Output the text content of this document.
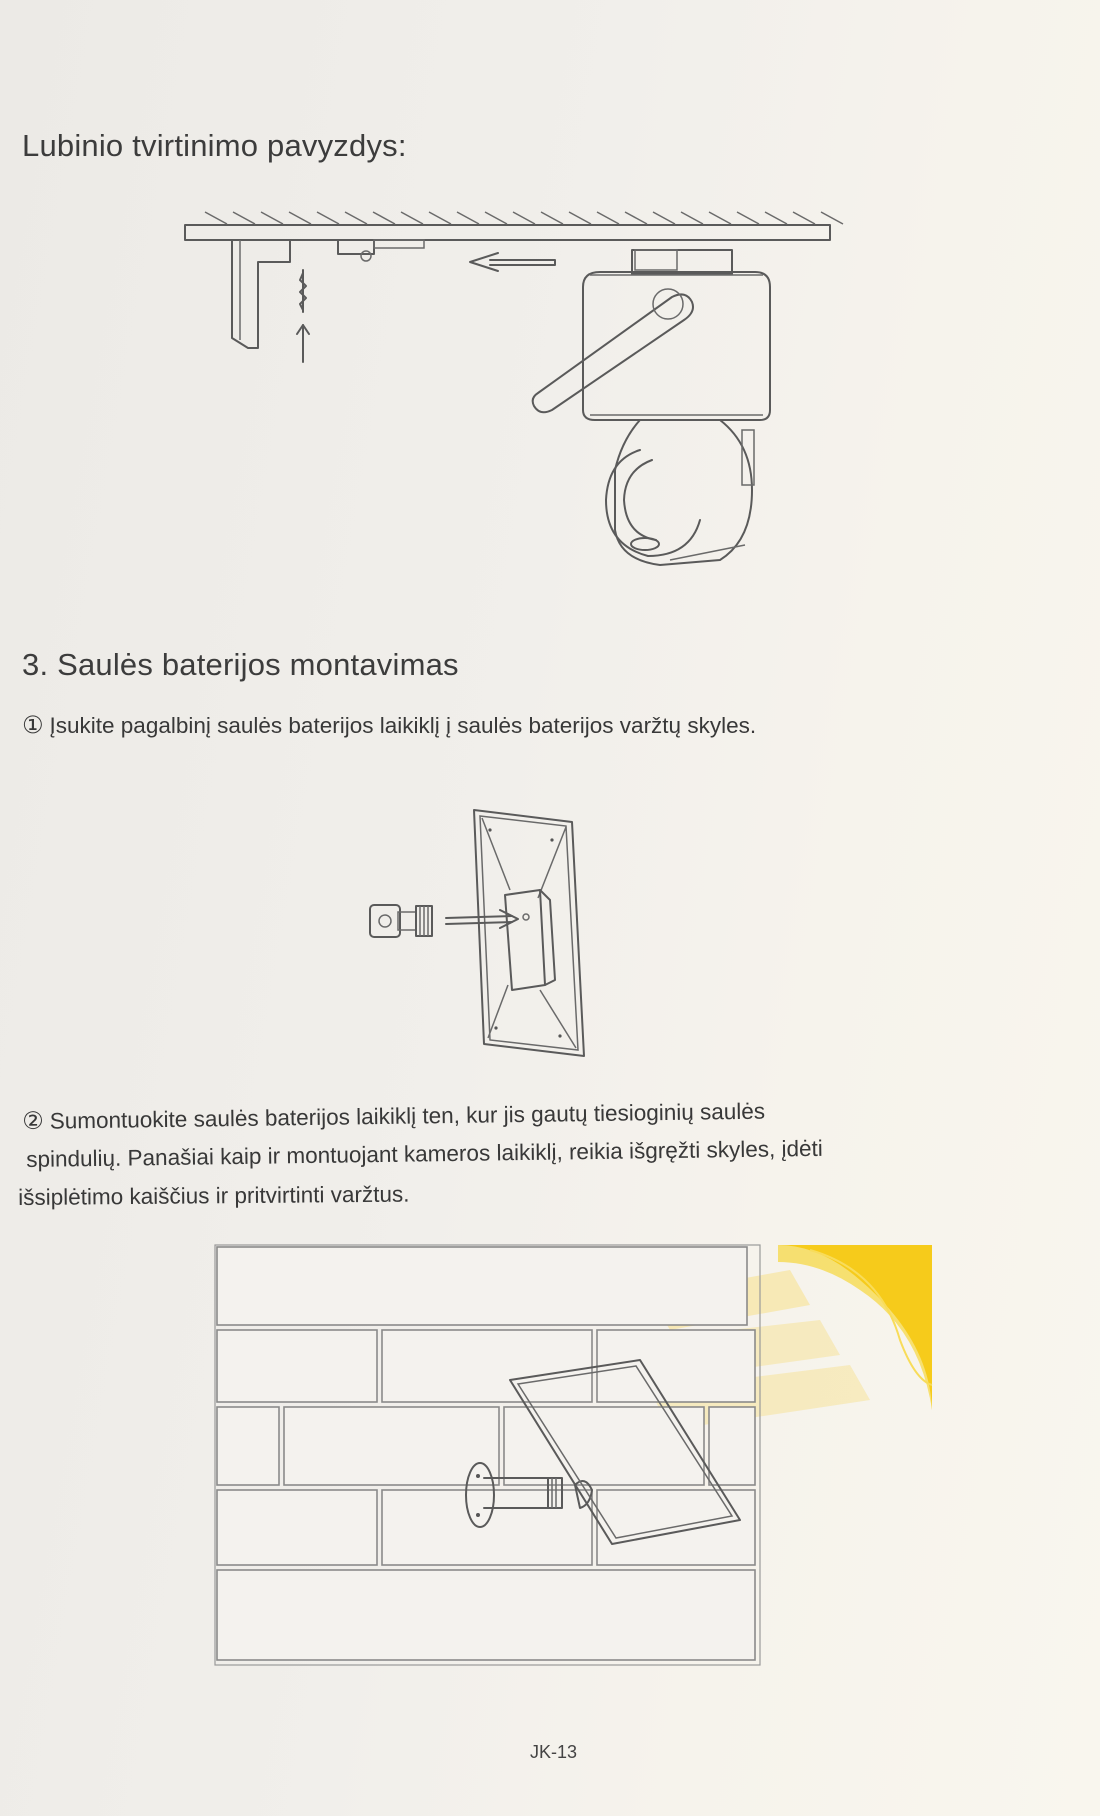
Lubinio tvirtinimo pavyzdys:
3. Saulės baterijos montavimas
① Įsukite pagalbinį saulės baterijos laikiklį į saulės baterijos varžtų skyles.
② Sumontuokite saulės baterijos laikiklį ten, kur jis gautų tiesioginių saulės
spindulių. Panašiai kaip ir montuojant kameros laikiklį, reikia išgręžti skyles, įdėti
išsiplėtimo kaiščius ir pritvirtinti varžtus.
JK-13
